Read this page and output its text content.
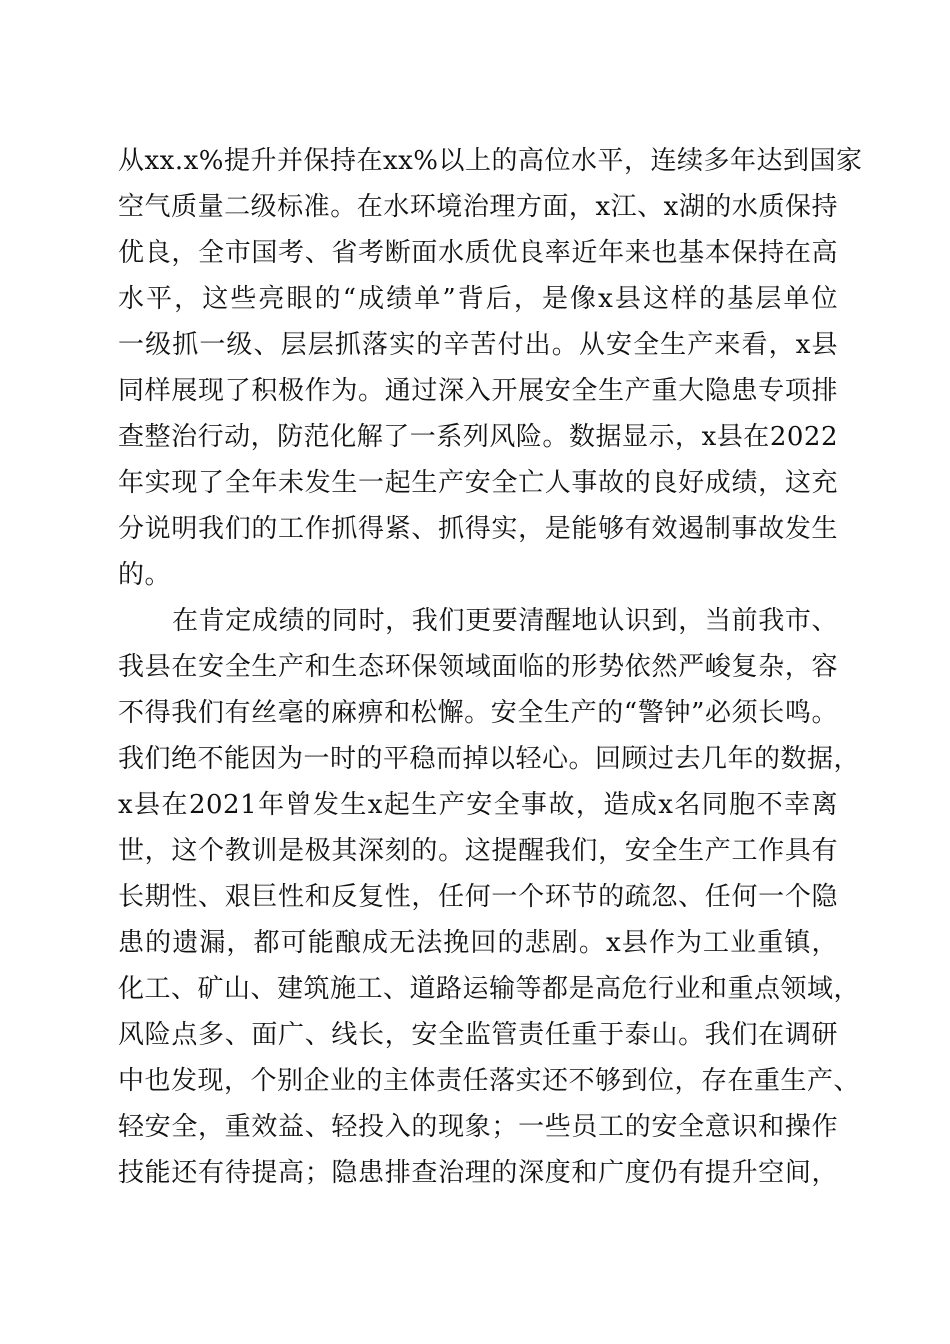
从xx.x%提升并保持在xx%以上的高位水平，连续多年达到国家
空气质量二级标准。在水环境治理方面，x江、x湖的水质保持
优良，全市国考、省考断面水质优良率近年来也基本保持在高
水平，这些亮眼的“成绩单”背后，是像x县这样的基层单位
一级抓一级、层层抓落实的辛苦付出。从安全生产来看，x县
同样展现了积极作为。通过深入开展安全生产重大隐患专项排
查整治行动，防范化解了一系列风险。数据显示，x县在2022
年实现了全年未发生一起生产安全亡人事故的良好成绩，这充
分说明我们的工作抓得紧、抓得实，是能够有效遏制事故发生
的。
在肯定成绩的同时，我们更要清醒地认识到，当前我市、
我县在安全生产和生态环保领域面临的形势依然严峻复杂，容
不得我们有丝毫的麻痹和松懈。安全生产的“警钟”必须长鸣。
我们绝不能因为一时的平稳而掉以轻心。回顾过去几年的数据，
x县在2021年曾发生x起生产安全事故，造成x名同胞不幸离
世，这个教训是极其深刻的。这提醒我们，安全生产工作具有
长期性、艰巨性和反复性，任何一个环节的疏忽、任何一个隐
患的遗漏，都可能酿成无法挽回的悲剧。x县作为工业重镇，
化工、矿山、建筑施工、道路运输等都是高危行业和重点领域，
风险点多、面广、线长，安全监管责任重于泰山。我们在调研
中也发现，个别企业的主体责任落实还不够到位，存在重生产、
轻安全，重效益、轻投入的现象；一些员工的安全意识和操作
技能还有待提高；隐患排查治理的深度和广度仍有提升空间，
